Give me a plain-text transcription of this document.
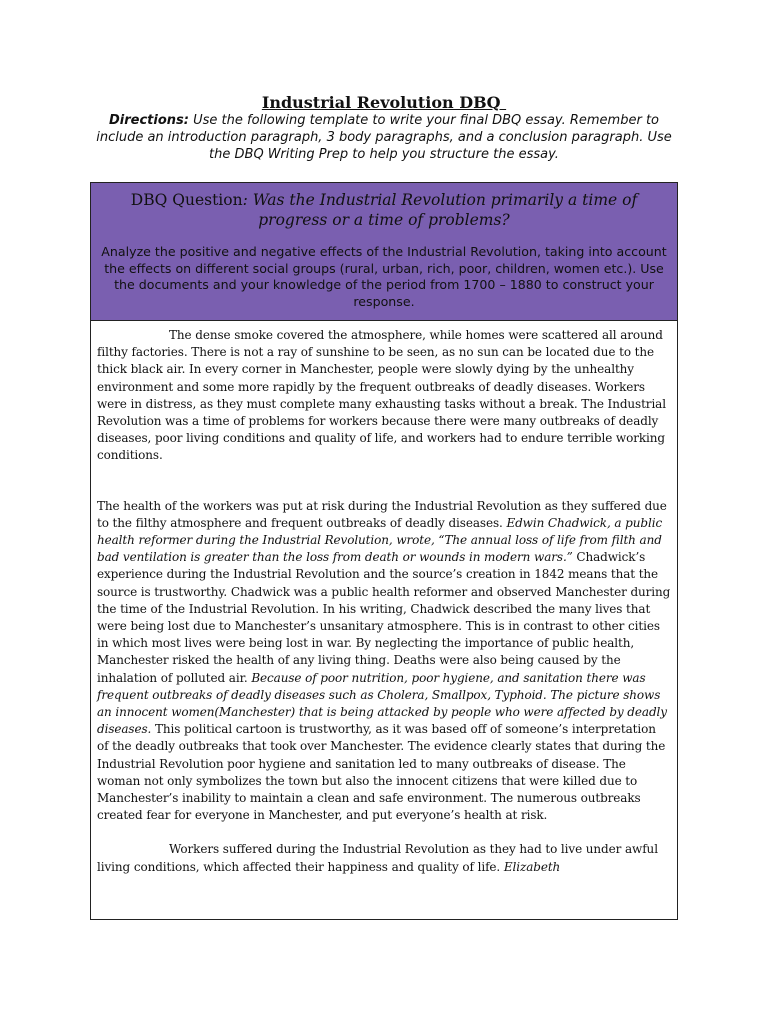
Industrial Revolution DBQ
Directions: Use the following template to write your final DBQ essay. Remember to include an introduction paragraph, 3 body paragraphs, and a conclusion paragraph. Use the DBQ Writing Prep to help you structure the essay.
DBQ Question: Was the Industrial Revolution primarily a time of progress or a time of problems?
Analyze the positive and negative effects of the Industrial Revolution, taking into account the effects on different social groups (rural, urban, rich, poor, children, women etc.). Use the documents and your knowledge of the period from 1700 – 1880 to construct your response.

The dense smoke covered the atmosphere, while homes were scattered all around filthy factories. There is not a ray of sunshine to be seen, as no sun can be located due to the thick black air. In every corner in Manchester, people were slowly dying by the unhealthy environment and some more rapidly by the frequent outbreaks of deadly diseases. Workers were in distress, as they must complete many exhausting tasks without a break. The Industrial Revolution was a time of problems for workers because there were many outbreaks of deadly diseases, poor living conditions and quality of life, and workers had to endure terrible working conditions.

The health of the workers was put at risk during the Industrial Revolution as they suffered due to the filthy atmosphere and frequent outbreaks of deadly diseases. Edwin Chadwick, a public health reformer during the Industrial Revolution, wrote, “The annual loss of life from filth and bad ventilation is greater than the loss from death or wounds in modern wars.” Chadwick’s experience during the Industrial Revolution and the source’s creation in 1842 means that the source is trustworthy. Chadwick was a public health reformer and observed Manchester during the time of the Industrial Revolution. In his writing, Chadwick described the many lives that were being lost due to Manchester’s unsanitary atmosphere. This is in contrast to other cities in which most lives were being lost in war. By neglecting the importance of public health, Manchester risked the health of any living thing. Deaths were also being caused by the inhalation of polluted air. Because of poor nutrition, poor hygiene, and sanitation there was frequent outbreaks of deadly diseases such as Cholera, Smallpox, Typhoid. The picture shows an innocent women(Manchester) that is being attacked by people who were affected by deadly diseases. This political cartoon is trustworthy, as it was based off of someone’s interpretation of the deadly outbreaks that took over Manchester. The evidence clearly states that during the Industrial Revolution poor hygiene and sanitation led to many outbreaks of disease. The woman not only symbolizes the town but also the innocent citizens that were killed due to Manchester’s inability to maintain a clean and safe environment. The numerous outbreaks created fear for everyone in Manchester, and put everyone’s health at risk.

Workers suffered during the Industrial Revolution as they had to live under awful living conditions, which affected their happiness and quality of life. Elizabeth
